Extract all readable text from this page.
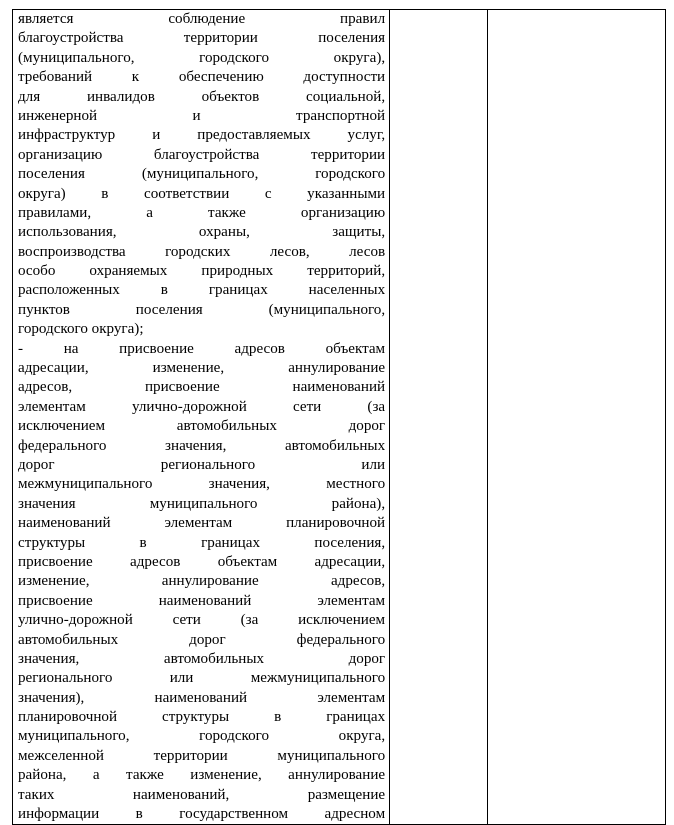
является соблюдение правил
благоустройства территории поселения
(муниципального, городского округа),
требований к обеспечению доступности
для инвалидов объектов социальной,
инженерной и транспортной
инфраструктур и предоставляемых услуг,
организацию благоустройства территории
поселения (муниципального, городского
округа) в соответствии с указанными
правилами, а также организацию
использования, охраны, защиты,
воспроизводства городских лесов, лесов
особо охраняемых природных территорий,
расположенных в границах населенных
пунктов поселения (муниципального,
городского округа);
- на присвоение адресов объектам
адресации, изменение, аннулирование
адресов, присвоение наименований
элементам улично-дорожной сети (за
исключением автомобильных дорог
федерального значения, автомобильных
дорог регионального или
межмуниципального значения, местного
значения муниципального района),
наименований элементам планировочной
структуры в границах поселения,
присвоение адресов объектам адресации,
изменение, аннулирование адресов,
присвоение наименований элементам
улично-дорожной сети (за исключением
автомобильных дорог федерального
значения, автомобильных дорог
регионального или межмуниципального
значения), наименований элементам
планировочной структуры в границах
муниципального, городского округа,
межселенной территории муниципального
района, а также изменение, аннулирование
таких наименований, размещение
информации в государственном адресном
